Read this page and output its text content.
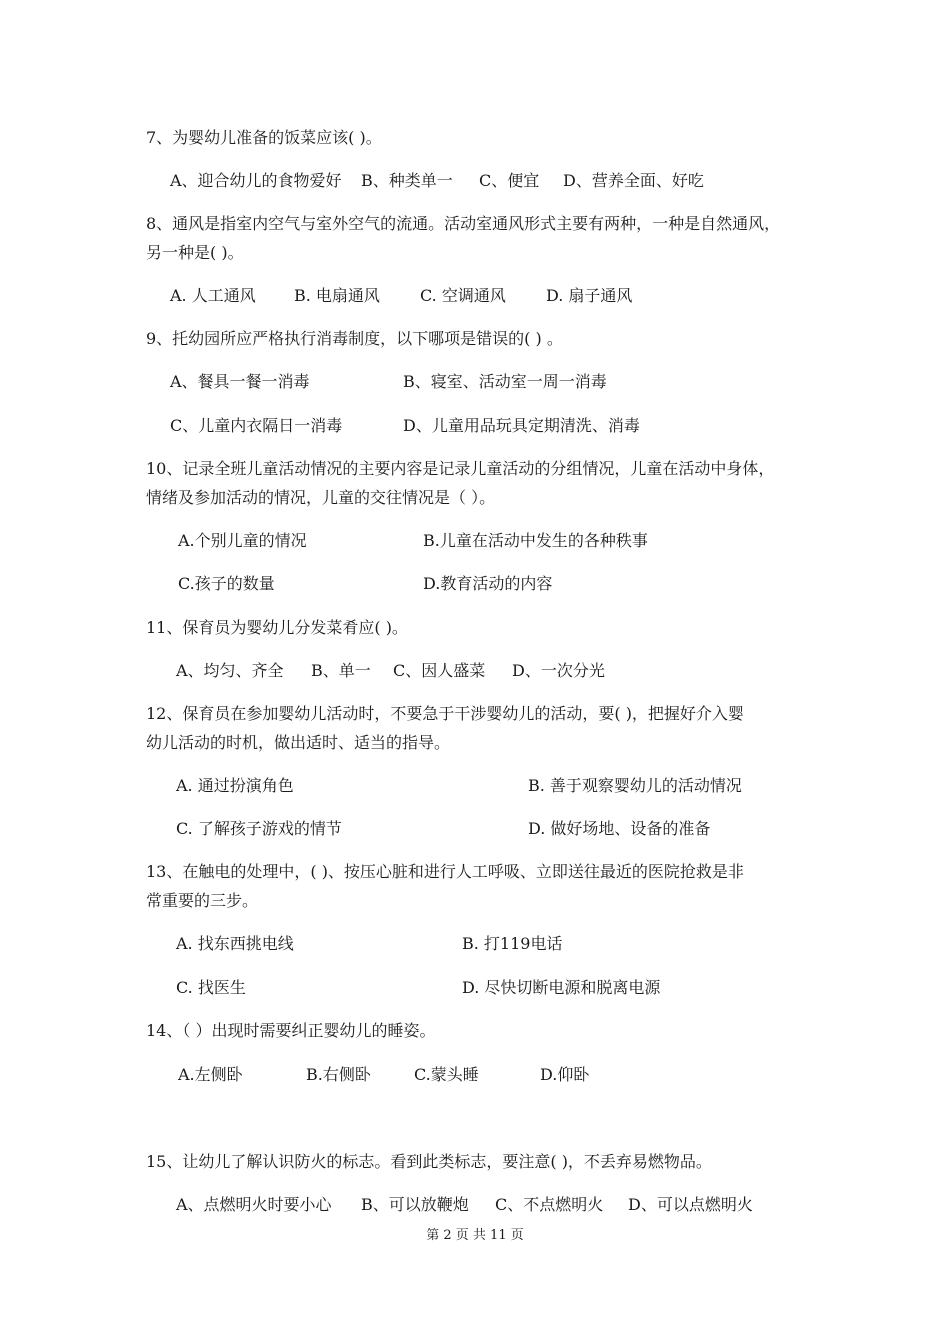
7、为婴幼儿准备的饭菜应该( )。
A、迎合幼儿的食物爱好 B、种类单一 C、便宜 D、营养全面、好吃
8、通风是指室内空气与室外空气的流通。活动室通风形式主要有两种，一种是自然通风，
另一种是( )。
A. 人工通风 B. 电扇通风	C. 空调通风	D. 扇子通风
9、托幼园所应严格执行消毒制度，以下哪项是错误的( ) 。
A、餐具一餐一消毒	B、寝室、活动室一周一消毒
C、儿童内衣隔日一消毒	D、儿童用品玩具定期清洗、消毒
10、记录全班儿童活动情况的主要内容是记录儿童活动的分组情况，儿童在活动中身体，
情绪及参加活动的情况，儿童的交往情况是（ ）。
A.个别儿童的情况	B.儿童在活动中发生的各种秩事
C.孩子的数量	D.教育活动的内容
11、保育员为婴幼儿分发菜肴应( )。
A、均匀、齐全 B、单一 C、因人盛菜 D、一次分光
12、保育员在参加婴幼儿活动时，不要急于干涉婴幼儿的活动，要( )，把握好介入婴
幼儿活动的时机，做出适时、适当的指导。
A. 通过扮演角色	B. 善于观察婴幼儿的活动情况
C. 了解孩子游戏的情节	D. 做好场地、设备的准备
13、在触电的处理中，( )、按压心脏和进行人工呼吸、立即送往最近的医院抢救是非
常重要的三步。
A. 找东西挑电线	B. 打119电话
C. 找医生	D. 尽快切断电源和脱离电源
14、（ ）出现时需要纠正婴幼儿的睡姿。
A.左侧卧	B.右侧卧	C.蒙头睡	D.仰卧
15、让幼儿了解认识防火的标志。看到此类标志，要注意( )，不丢弃易燃物品。
A、点燃明火时要小心 B、可以放鞭炮 C、不点燃明火 D、可以点燃明火
第 2 页 共 11 页
